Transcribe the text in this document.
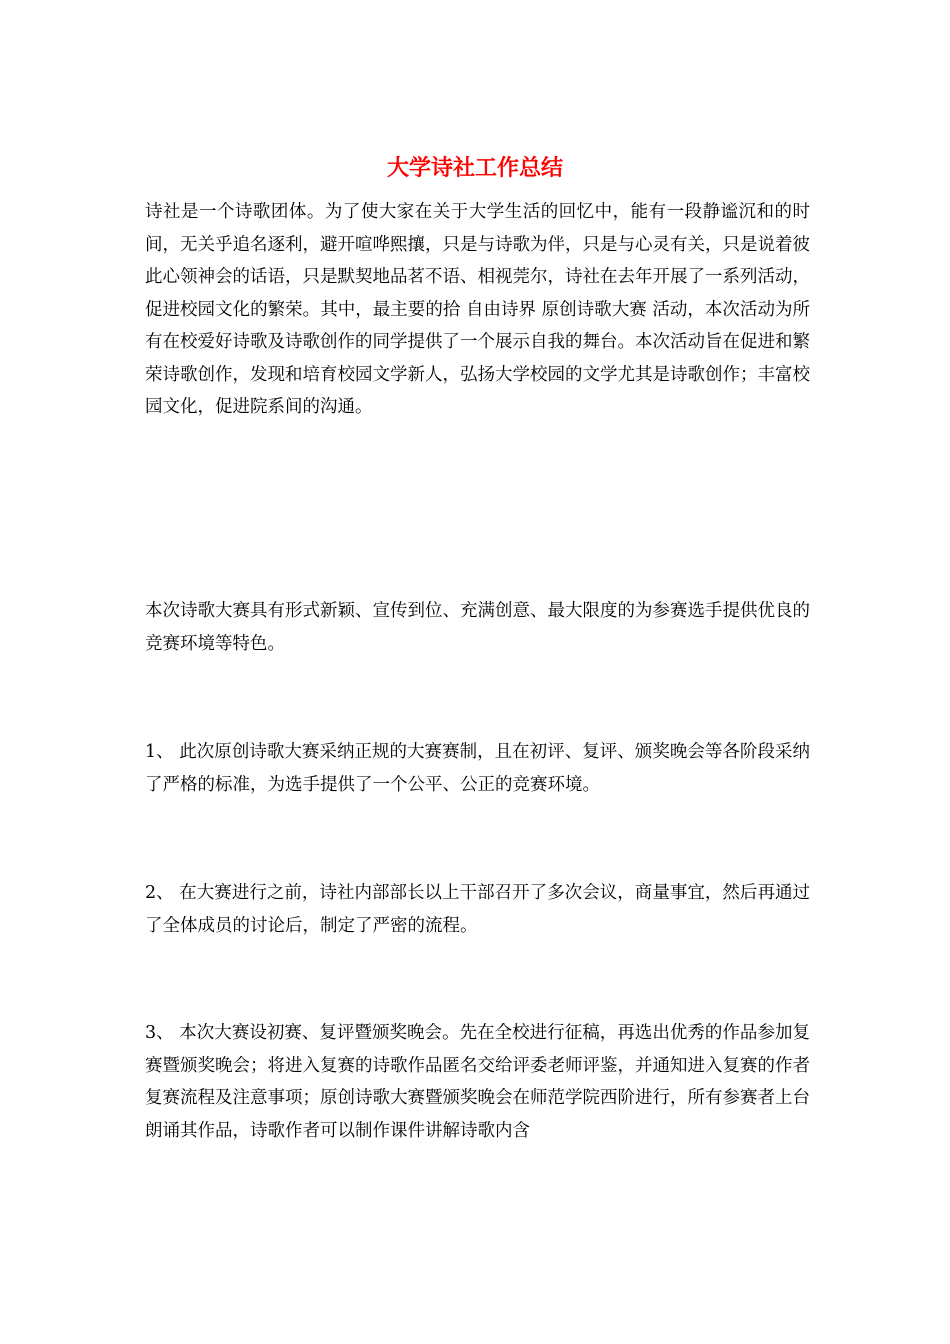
大学诗社工作总结

诗社是一个诗歌团体。为了使大家在关于大学生活的回忆中，能有一段静谧沉和的时间，无关乎追名逐利，避开喧哗熙攘，只是与诗歌为伴，只是与心灵有关，只是说着彼此心领神会的话语，只是默契地品茗不语、相视莞尔，诗社在去年开展了一系列活动，促进校园文化的繁荣。其中，最主要的拾 自由诗界 原创诗歌大赛 活动，本次活动为所有在校爱好诗歌及诗歌创作的同学提供了一个展示自我的舞台。本次活动旨在促进和繁荣诗歌创作，发现和培育校园文学新人，弘扬大学校园的文学尤其是诗歌创作；丰富校园文化，促进院系间的沟通。

本次诗歌大赛具有形式新颖、宣传到位、充满创意、最大限度的为参赛选手提供优良的竞赛环境等特色。

1、 此次原创诗歌大赛采纳正规的大赛赛制，且在初评、复评、颁奖晚会等各阶段采纳了严格的标准，为选手提供了一个公平、公正的竞赛环境。

2、 在大赛进行之前，诗社内部部长以上干部召开了多次会议，商量事宜，然后再通过了全体成员的讨论后，制定了严密的流程。

3、 本次大赛设初赛、复评暨颁奖晚会。先在全校进行征稿，再选出优秀的作品参加复赛暨颁奖晚会；将进入复赛的诗歌作品匿名交给评委老师评鉴，并通知进入复赛的作者复赛流程及注意事项；原创诗歌大赛暨颁奖晚会在师范学院西阶进行，所有参赛者上台朗诵其作品，诗歌作者可以制作课件讲解诗歌内含
